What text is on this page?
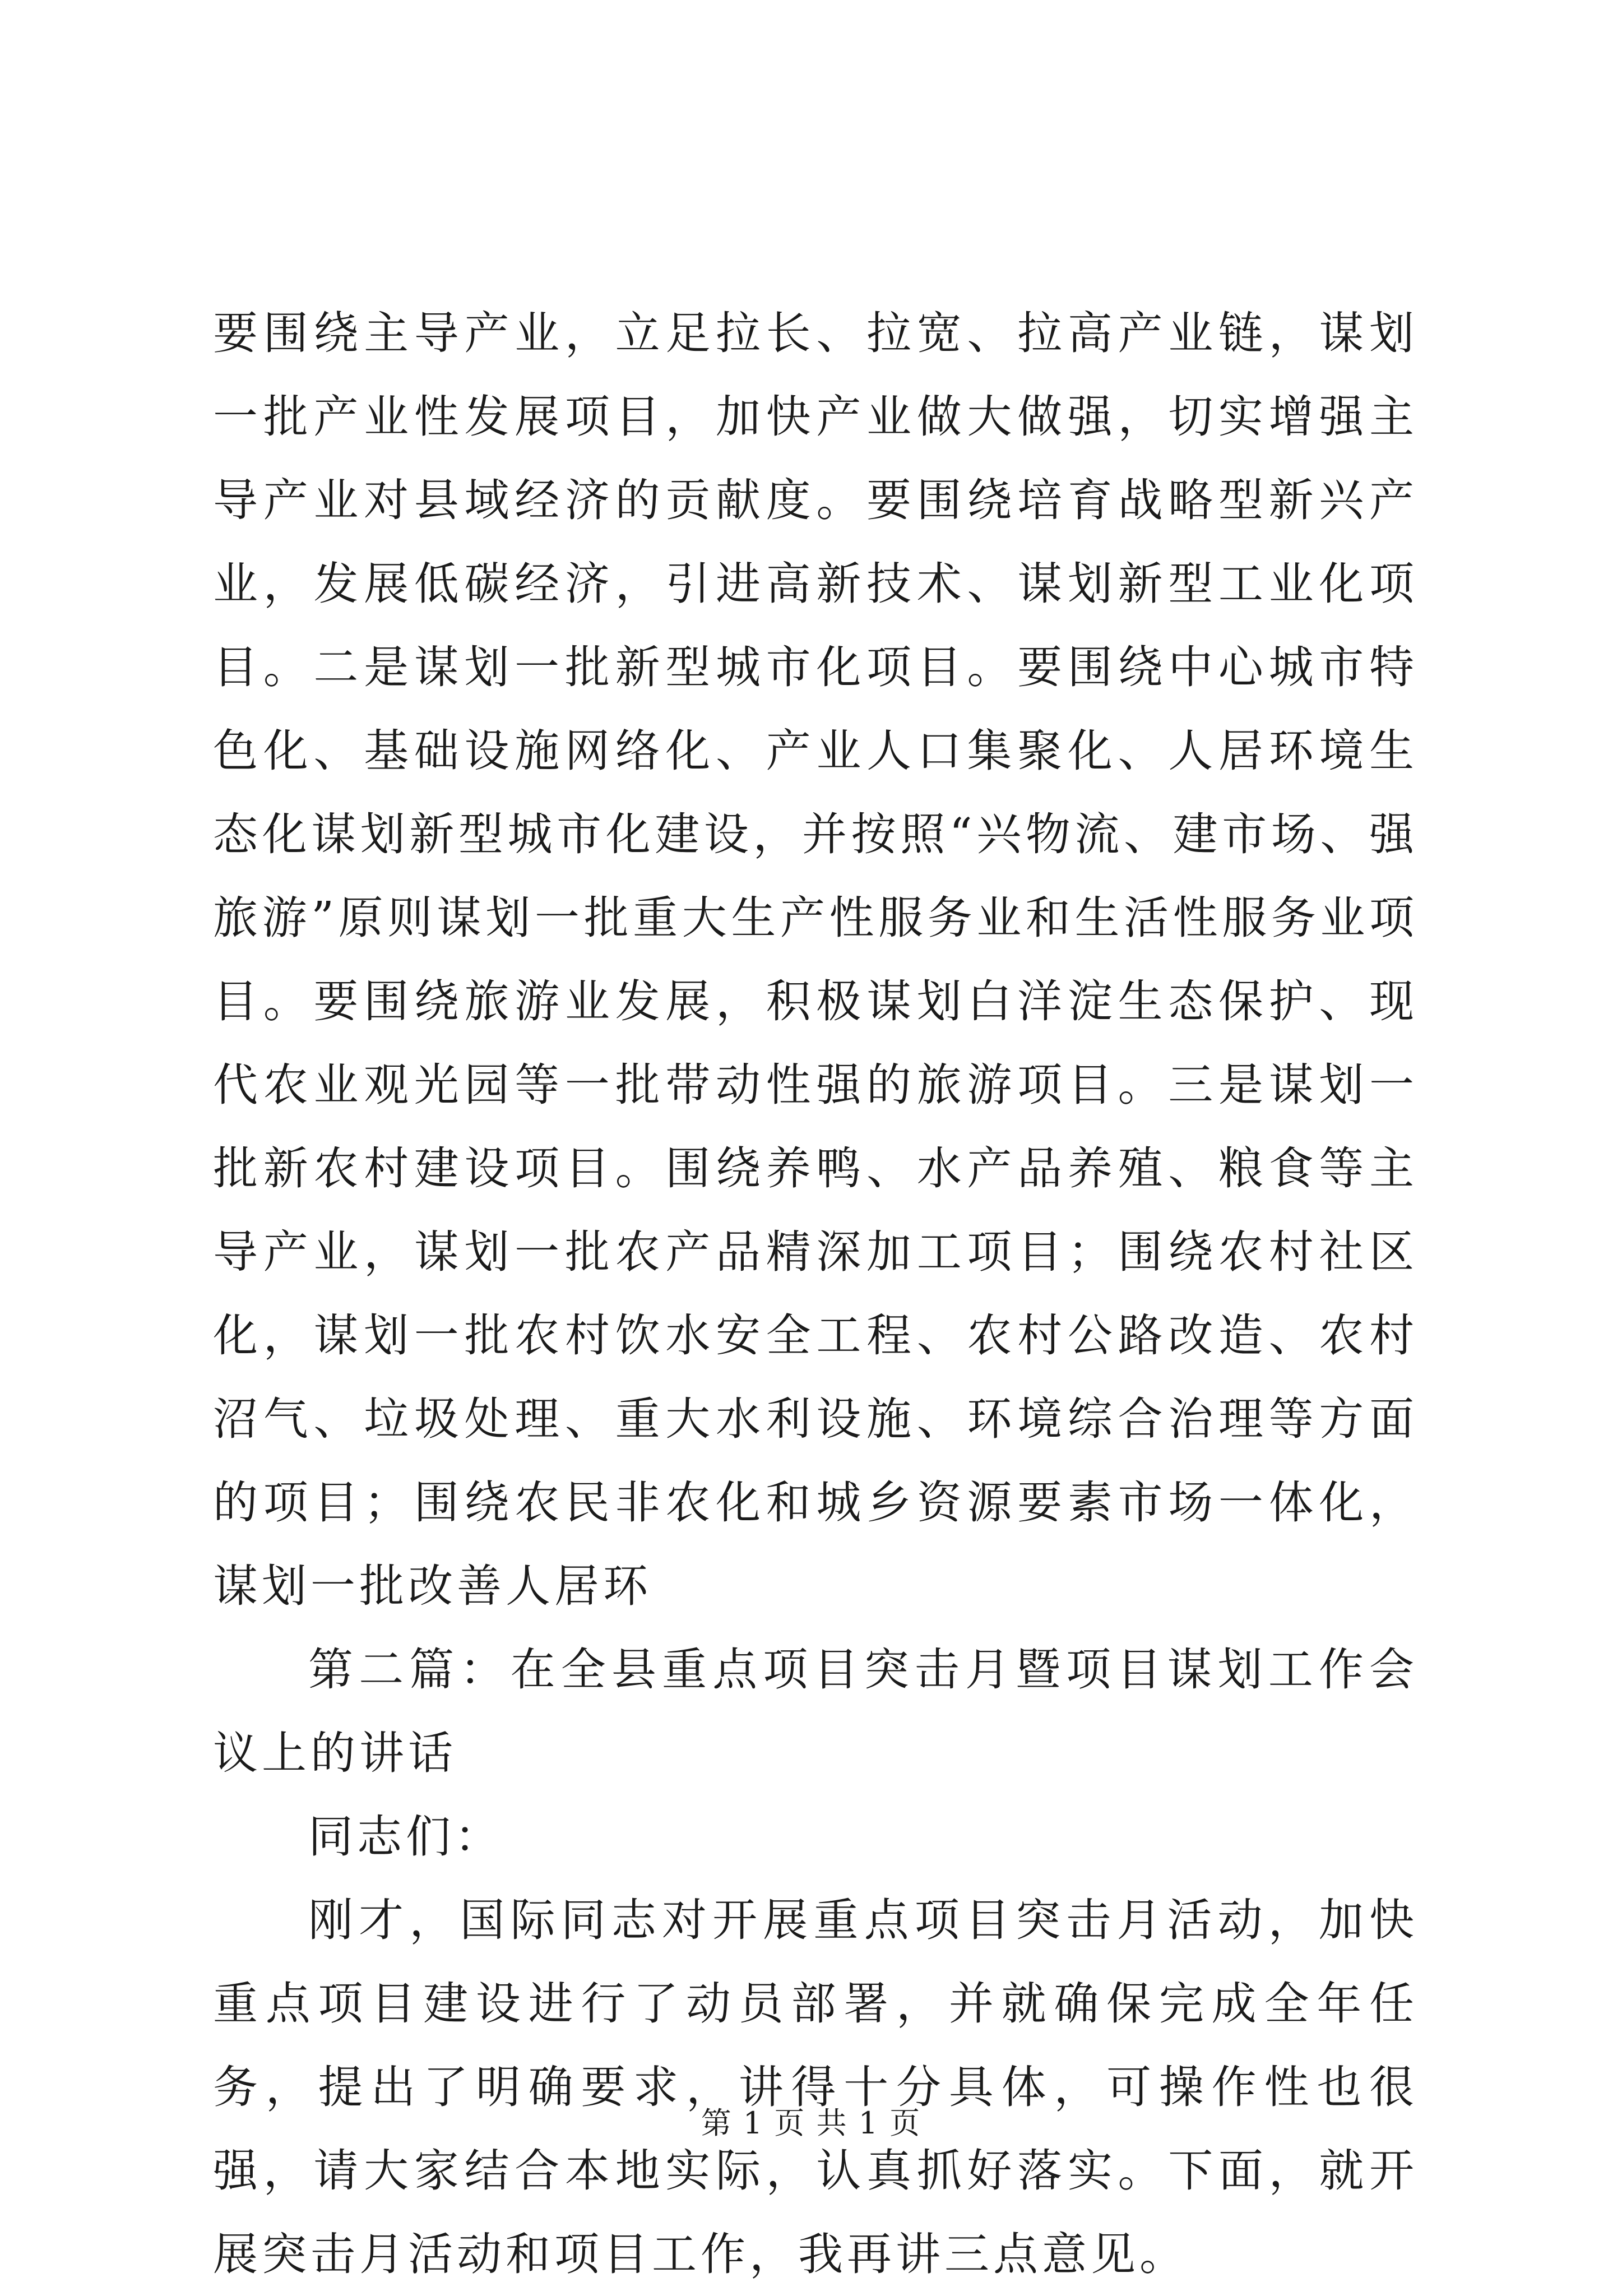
要围绕主导产业，立足拉长、拉宽、拉高产业链，谋划一批产业性发展项目，加快产业做大做强，切实增强主导产业对县域经济的贡献度。要围绕培育战略型新兴产业，发展低碳经济，引进高新技术、谋划新型工业化项目。二是谋划一批新型城市化项目。要围绕中心城市特色化、基础设施网络化、产业人口集聚化、人居环境生态化谋划新型城市化建设，并按照“兴物流、建市场、强旅游”原则谋划一批重大生产性服务业和生活性服务业项目。要围绕旅游业发展，积极谋划白洋淀生态保护、现代农业观光园等一批带动性强的旅游项目。三是谋划一批新农村建设项目。围绕养鸭、水产品养殖、粮食等主导产业，谋划一批农产品精深加工项目；围绕农村社区化，谋划一批农村饮水安全工程、农村公路改造、农村沼气、垃圾处理、重大水利设施、环境综合治理等方面的项目；围绕农民非农化和城乡资源要素市场一体化，谋划一批改善人居环

第二篇：在全县重点项目突击月暨项目谋划工作会议上的讲话

同志们：

刚才，国际同志对开展重点项目突击月活动，加快重点项目建设进行了动员部署，并就确保完成全年任务，提出了明确要求，讲得十分具体，可操作性也很强，请大家结合本地实际，认真抓好落实。下面，就开展突击月活动和项目工作，我再讲三点意见。

第 1 页 共 1 页
